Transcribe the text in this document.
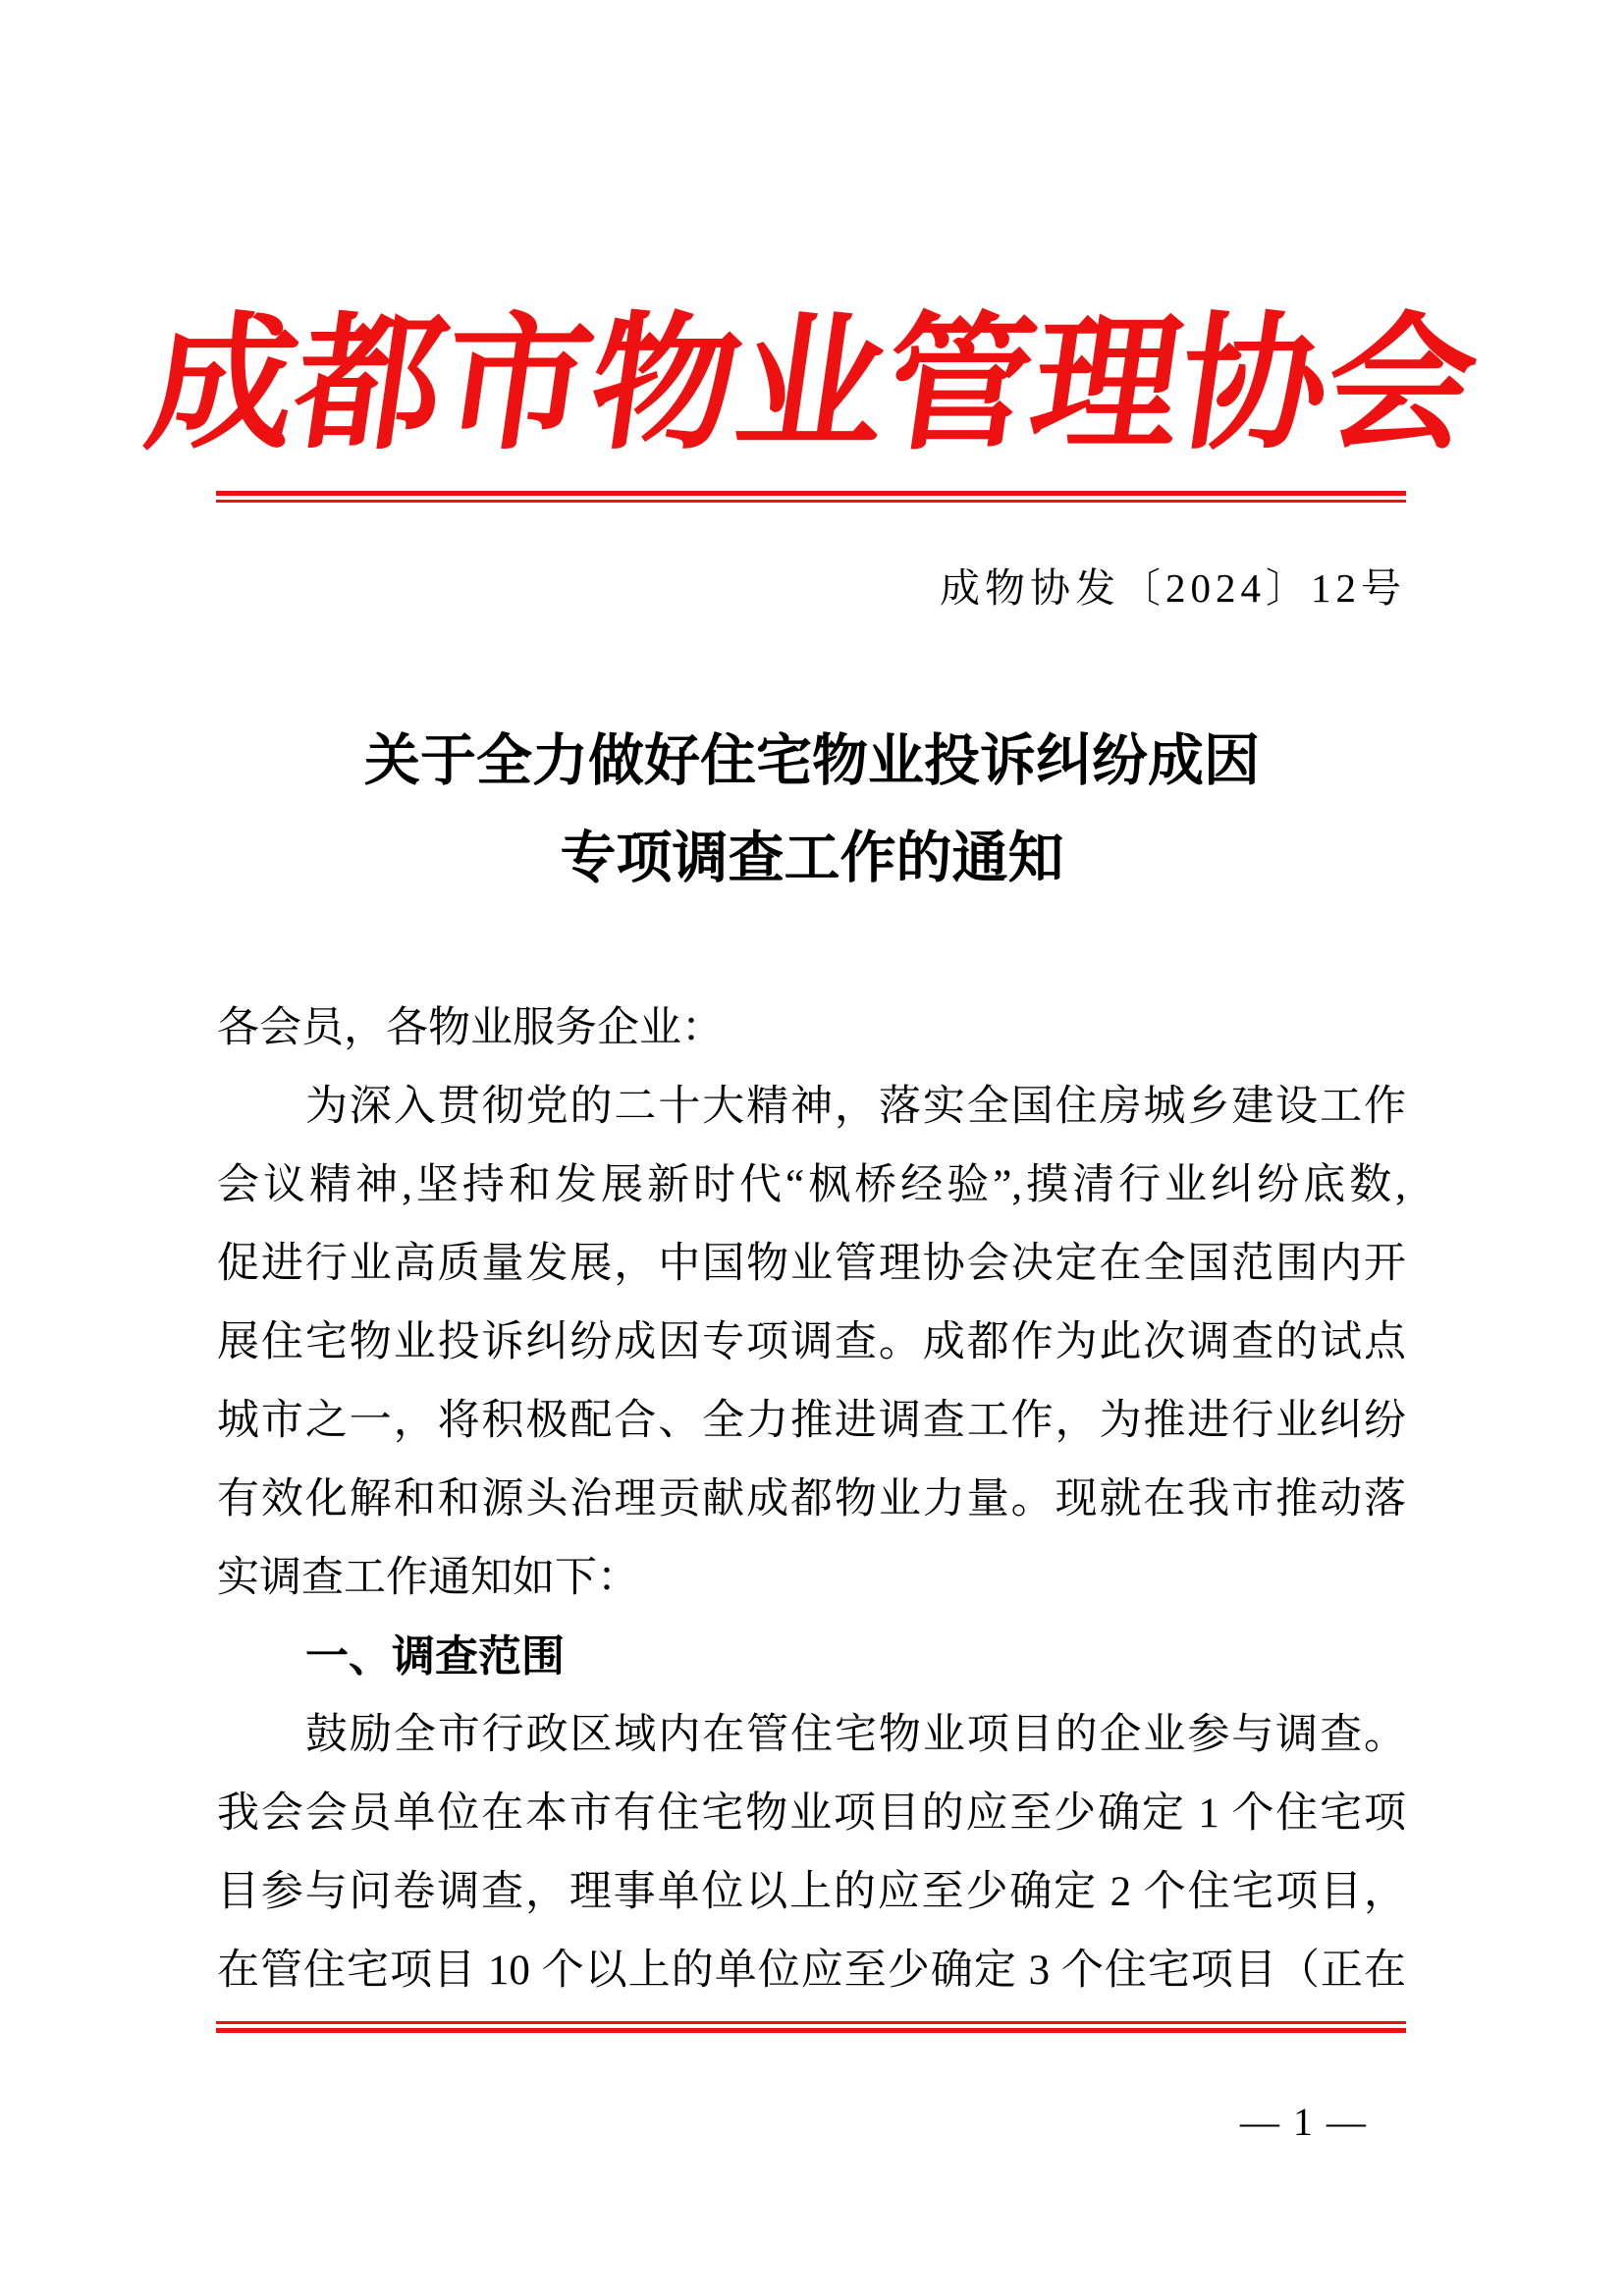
成都市物业管理协会
成物协发〔2024〕12号
关于全力做好住宅物业投诉纠纷成因
专项调查工作的通知
各会员，各物业服务企业：
为深入贯彻党的二十大精神，落实全国住房城乡建设工作
会议精神,坚持和发展新时代“枫桥经验”,摸清行业纠纷底数,
促进行业高质量发展，中国物业管理协会决定在全国范围内开
展住宅物业投诉纠纷成因专项调查。成都作为此次调查的试点
城市之一，将积极配合、全力推进调查工作，为推进行业纠纷
有效化解和和源头治理贡献成都物业力量。现就在我市推动落
实调查工作通知如下：
一、调查范围
鼓励全市行政区域内在管住宅物业项目的企业参与调查。
我会会员单位在本市有住宅物业项目的应至少确定 1 个住宅项
目参与问卷调查，理事单位以上的应至少确定 2 个住宅项目，
在管住宅项目 10 个以上的单位应至少确定 3 个住宅项目（正在
— 1 —
